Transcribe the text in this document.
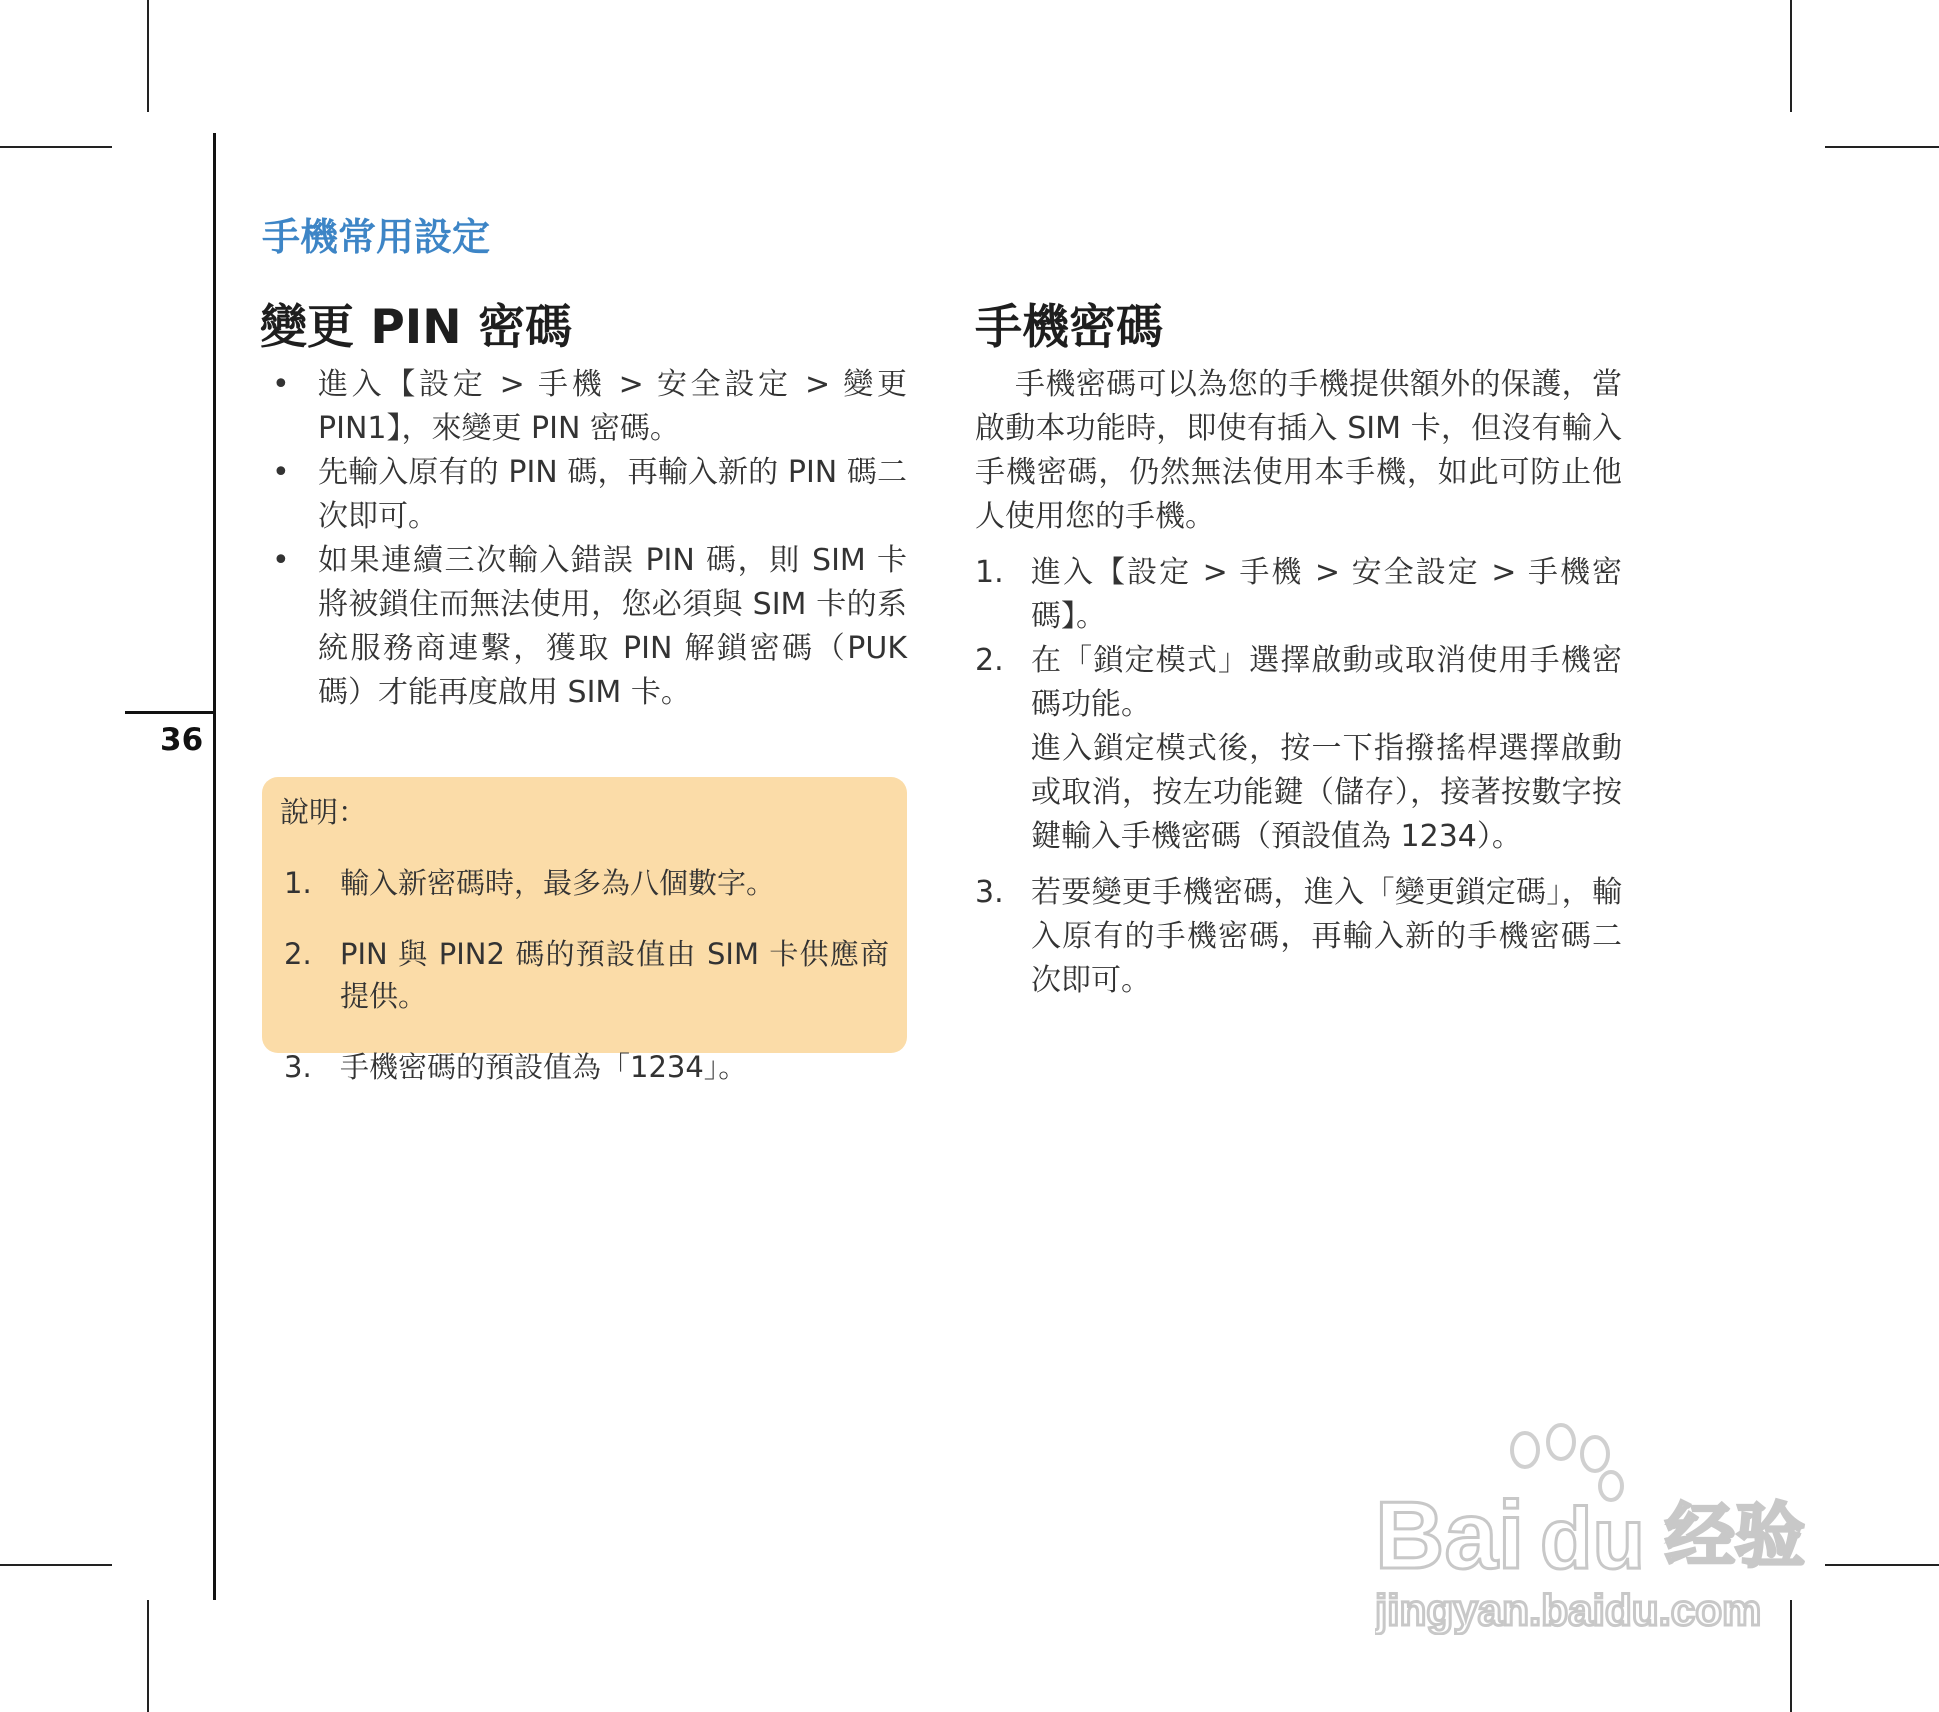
36
手機常用設定
變更 PIN 密碼

• 進入【設定 > 手機 > 安全設定 > 變更 PIN1】，來變更 PIN 密碼。

• 先輸入原有的 PIN 碼，再輸入新的 PIN 碼二次即可。

• 如果連續三次輸入錯誤 PIN 碼，則 SIM 卡將被鎖住而無法使用，您必須與 SIM 卡的系統服務商連繫，獲取 PIN 解鎖密碼（PUK 碼）才能再度啟用 SIM 卡。

說明：

1. 輸入新密碼時，最多為八個數字。

2. PIN 與 PIN2 碼的預設值由 SIM 卡供應商提供。

3. 手機密碼的預設值為「1234」。

手機密碼

手機密碼可以為您的手機提供額外的保護，當啟動本功能時，即使有插入 SIM 卡，但沒有輸入手機密碼，仍然無法使用本手機，如此可防止他人使用您的手機。

1. 進入【設定 > 手機 > 安全設定 > 手機密碼】。

2. 在「鎖定模式」選擇啟動或取消使用手機密碼功能。

進入鎖定模式後，按一下指撥搖桿選擇啟動或取消，按左功能鍵（儲存），接著按數字按鍵輸入手機密碼（預設值為 1234）。

3. 若要變更手機密碼，進入「變更鎖定碼」，輸入原有的手機密碼，再輸入新的手機密碼二次即可。

Bai du 经验
jingyan.baidu.com
